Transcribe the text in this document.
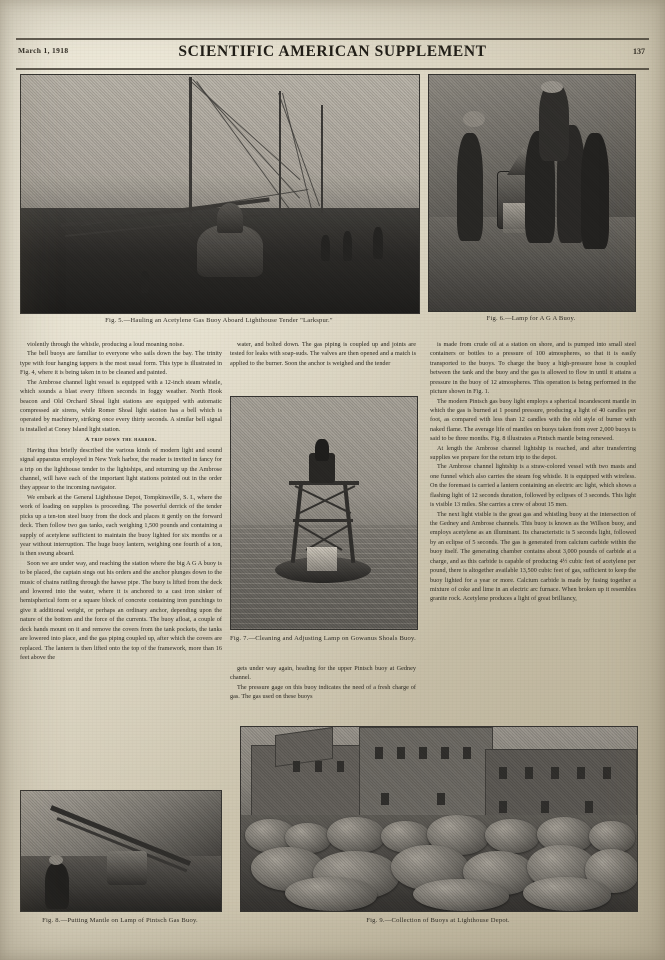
March 1, 1918	SCIENTIFIC AMERICAN SUPPLEMENT	137
Fig. 5.—Hauling an Acetylene Gas Buoy Aboard Lighthouse Tender "Larkspur."	Fig. 6.—Lamp for A G A Buoy.

violently through the whistle, producing a loud moaning noise.

The bell buoys are familiar to everyone who sails down the bay. The trinity type with four hanging tappers is the most usual form. This type is illustrated in Fig. 4, where it is being taken in to be cleaned and painted.

The Ambrose channel light vessel is equipped with a 12-inch steam whistle, which sounds a blast every fifteen seconds in foggy weather. North Hook beacon and Old Orchard Shoal light stations are equipped with automatic compressed air sirens, while Romer Shoal light station has a bell which is operated by machinery, striking once every thirty seconds. A similar bell signal is installed at Coney Island light station.

A trip down the harbor.

Having thus briefly described the various kinds of modern light and sound signal apparatus employed in New York harbor, the reader is invited in fancy for a trip on the lighthouse tender to the lightships, and returning up the Ambrose channel, will have each of the important light stations pointed out in the order they appear to the incoming navigator.

We embark at the General Lighthouse Depot, Tompkinsville, S. I., where the work of loading on supplies is proceeding. The powerful derrick of the tender picks up a ten-ton steel buoy from the dock and places it gently on the forward deck. Then follow two gas tanks, each weighing 1,500 pounds and containing a supply of acetylene sufficient to maintain the buoy lighted for six months or a year without interruption. The huge buoy lantern, weighing one fourth of a ton, is then swung aboard.

Soon we are under way, and reaching the station where the big A G A buoy is to be placed, the captain sings out his orders and the anchor plunges down to the music of chains rattling through the hawse pipe. The buoy is lifted from the deck and lowered into the water, where it is anchored to a cast iron sinker of hemispherical form or a square block of concrete containing iron punchings to give it additional weight, or perhaps an ordinary anchor, depending upon the nature of the bottom and the force of the currents. The buoy afloat, a couple of deck hands mount on it and remove the covers from the tank pockets, the tanks are lowered into place, and the gas piping coupled up, after which the covers are replaced. The lantern is then lifted onto the top of the framework, more than 16 feet above the

water, and bolted down. The gas piping is coupled up and joints are tested for leaks with soap-suds. The valves are then opened and a match is applied to the burner. Soon the anchor is weighed and the tender

Fig. 7.—Cleaning and Adjusting Lamp on Gowanus Shoals Buoy.

gets under way again, heading for the upper Pintsch buoy at Gedney channel.

The pressure gage on this buoy indicates the need of a fresh charge of gas. The gas used on these buoys

is made from crude oil at a station on shore, and is pumped into small steel containers or bottles to a pressure of 100 atmospheres, so that it is easily transported to the buoys. To charge the buoy a high-pressure hose is coupled between the tank and the buoy and the gas is allowed to flow in until it attains a pressure in the buoy of 12 atmospheres. This operation is being performed in the picture shown in Fig. 1.

The modern Pintsch gas buoy light employs a spherical incandescent mantle in which the gas is burned at 1 pound pressure, producing a light of 40 candles per foot, as compared with less than 12 candles with the old style of burner with naked flame. The average life of mantles on buoys taken from over 2,000 buoys is said to be three months. Fig. 8 illustrates a Pintsch mantle being renewed.

At length the Ambrose channel lightship is reached, and after transferring supplies we prepare for the return trip to the depot.

The Ambrose channel lightship is a straw-colored vessel with two masts and one funnel which also carries the steam fog whistle. It is equipped with wireless. On the foremast is carried a lantern containing an electric arc light, which shows a flashing light of 12 seconds duration, followed by eclipses of 3 seconds. This light is visible 13 miles. She carries a crew of about 15 men.

The next light visible is the great gas and whistling buoy at the intersection of the Gedney and Ambrose channels. This buoy is known as the Willson buoy, and employs acetylene as an illuminant. Its characteristic is 5 seconds light, followed by an eclipse of 5 seconds. The gas is generated from calcium carbide within the buoy itself. The generating chamber contains about 3,000 pounds of carbide at a charge, and as this carbide is capable of producing 4½ cubic feet of acetylene per pound, there is altogether available 13,500 cubic feet of gas, sufficient to keep the buoy lighted for a year or more. Calcium carbide is made by fusing together a mixture of coke and lime in an electric arc furnace. When broken up it resembles granite rock. Acetylene produces a light of great brilliancy,

Fig. 8.—Putting Mantle on Lamp of Pintsch Gas Buoy.	Fig. 9.—Collection of Buoys at Lighthouse Depot.
